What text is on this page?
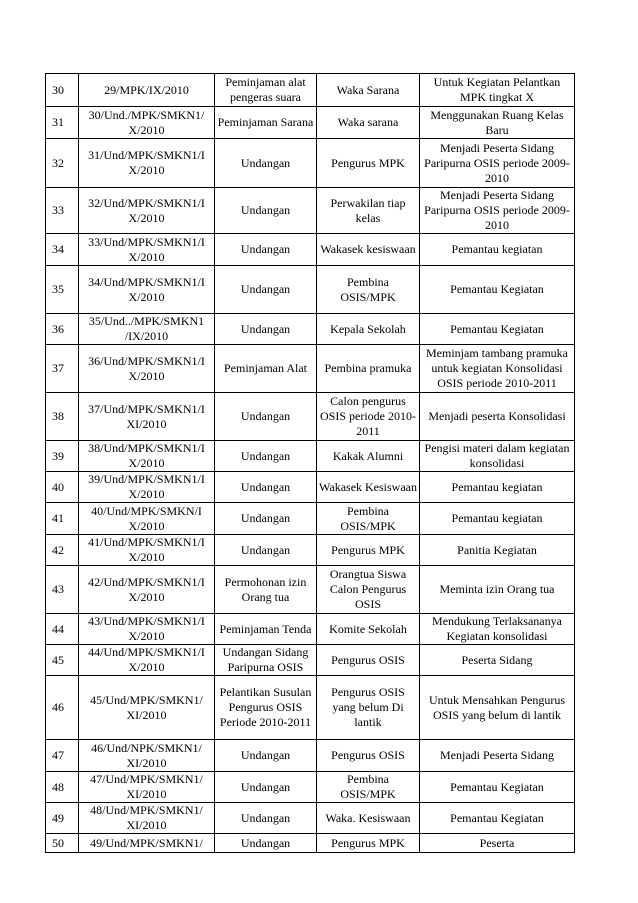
30	29/MPK/IX/2010	Peminjaman alat pengeras suara	Waka Sarana	Untuk Kegiatan Pelantkan MPK tingkat X

31	30/Und./MPK/SMKN1/ X/2010	Peminjaman Sarana	Waka sarana	Menggunakan Ruang Kelas Baru

32	31/Und/MPK/SMKN1/I X/2010	Undangan	Pengurus MPK	Menjadi Peserta Sidang Paripurna OSIS periode 2009-2010

33	32/Und/MPK/SMKN1/I X/2010	Undangan	Perwakilan tiap kelas	Menjadi Peserta Sidang Paripurna OSIS periode 2009-2010

34	33/Und/MPK/SMKN1/I X/2010	Undangan	Wakasek kesiswaan	Pemantau kegiatan

35	34/Und/MPK/SMKN1/I X/2010	Undangan	Pembina OSIS/MPK	Pemantau Kegiatan

36	35/Und../MPK/SMKN1 /IX/2010	Undangan	Kepala Sekolah	Pemantau Kegiatan

37	36/Und/MPK/SMKN1/I X/2010	Peminjaman Alat	Pembina pramuka	Meminjam tambang pramuka untuk kegiatan Konsolidasi OSIS periode 2010-2011

38	37/Und/MPK/SMKN1/I XI/2010	Undangan	Calon pengurus OSIS periode 2010-2011	Menjadi peserta Konsolidasi

39	38/Und/MPK/SMKN1/I X/2010	Undangan	Kakak Alumni	Pengisi materi dalam kegiatan konsolidasi

40	39/Und/MPK/SMKN1/I X/2010	Undangan	Wakasek Kesiswaan	Pemantau kegiatan

41	40/Und/MPK/SMKN/I X/2010	Undangan	Pembina OSIS/MPK	Pemantau kegiatan

42	41/Und/MPK/SMKN1/I X/2010	Undangan	Pengurus MPK	Panitia Kegiatan

43	42/Und/MPK/SMKN1/I X/2010	Permohonan izin Orang tua	Orangtua Siswa Calon Pengurus OSIS	Meminta izin Orang tua

44	43/Und/MPK/SMKN1/I X/2010	Peminjaman Tenda	Komite Sekolah	Mendukung Terlaksananya Kegiatan konsolidasi

45	44/Und/MPK/SMKN1/I X/2010	Undangan Sidang Paripurna OSIS	Pengurus OSIS	Peserta Sidang

46	45/Und/MPK/SMKN1/ XI/2010	Pelantikan Susulan Pengurus OSIS Periode 2010-2011	Pengurus OSIS yang belum Di lantik	Untuk Mensahkan Pengurus OSIS yang belum di lantik

47	46/Und/NPK/SMKN1/ XI/2010	Undangan	Pengurus OSIS	Menjadi Peserta Sidang

48	47/Und/MPK/SMKN1/ XI/2010	Undangan	Pembina OSIS/MPK	Pemantau Kegiatan

49	48/Und/MPK/SMKN1/ XI/2010	Undangan	Waka. Kesiswaan	Pemantau Kegiatan

50	49/Und/MPK/SMKN1/	Undangan	Pengurus MPK	Peserta
